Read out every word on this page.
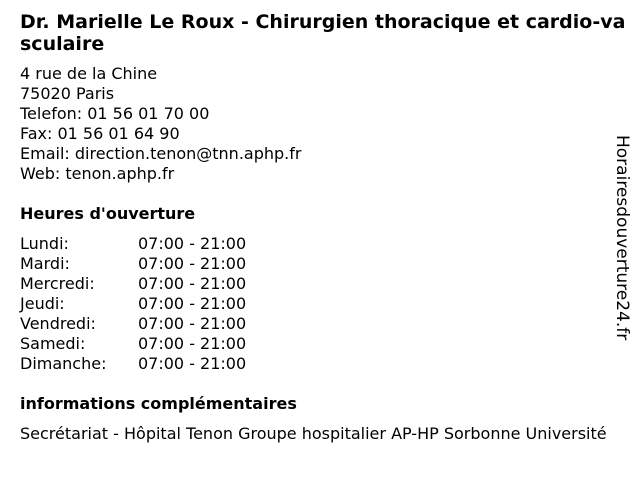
Dr. Marielle Le Roux - Chirurgien thoracique et cardio-vasculaire
4 rue de la Chine
75020 Paris
Telefon: 01 56 01 70 00
Fax: 01 56 01 64 90
Email: direction.tenon@tnn.aphp.fr
Web: tenon.aphp.fr
Heures d'ouverture
Lundi:	07:00 - 21:00
Mardi:	07:00 - 21:00
Mercredi:	07:00 - 21:00
Jeudi:	07:00 - 21:00
Vendredi:	07:00 - 21:00
Samedi:	07:00 - 21:00
Dimanche:	07:00 - 21:00
informations complémentaires
Secrétariat - Hôpital Tenon Groupe hospitalier AP-HP Sorbonne Université
Horairesdouverture24.fr
